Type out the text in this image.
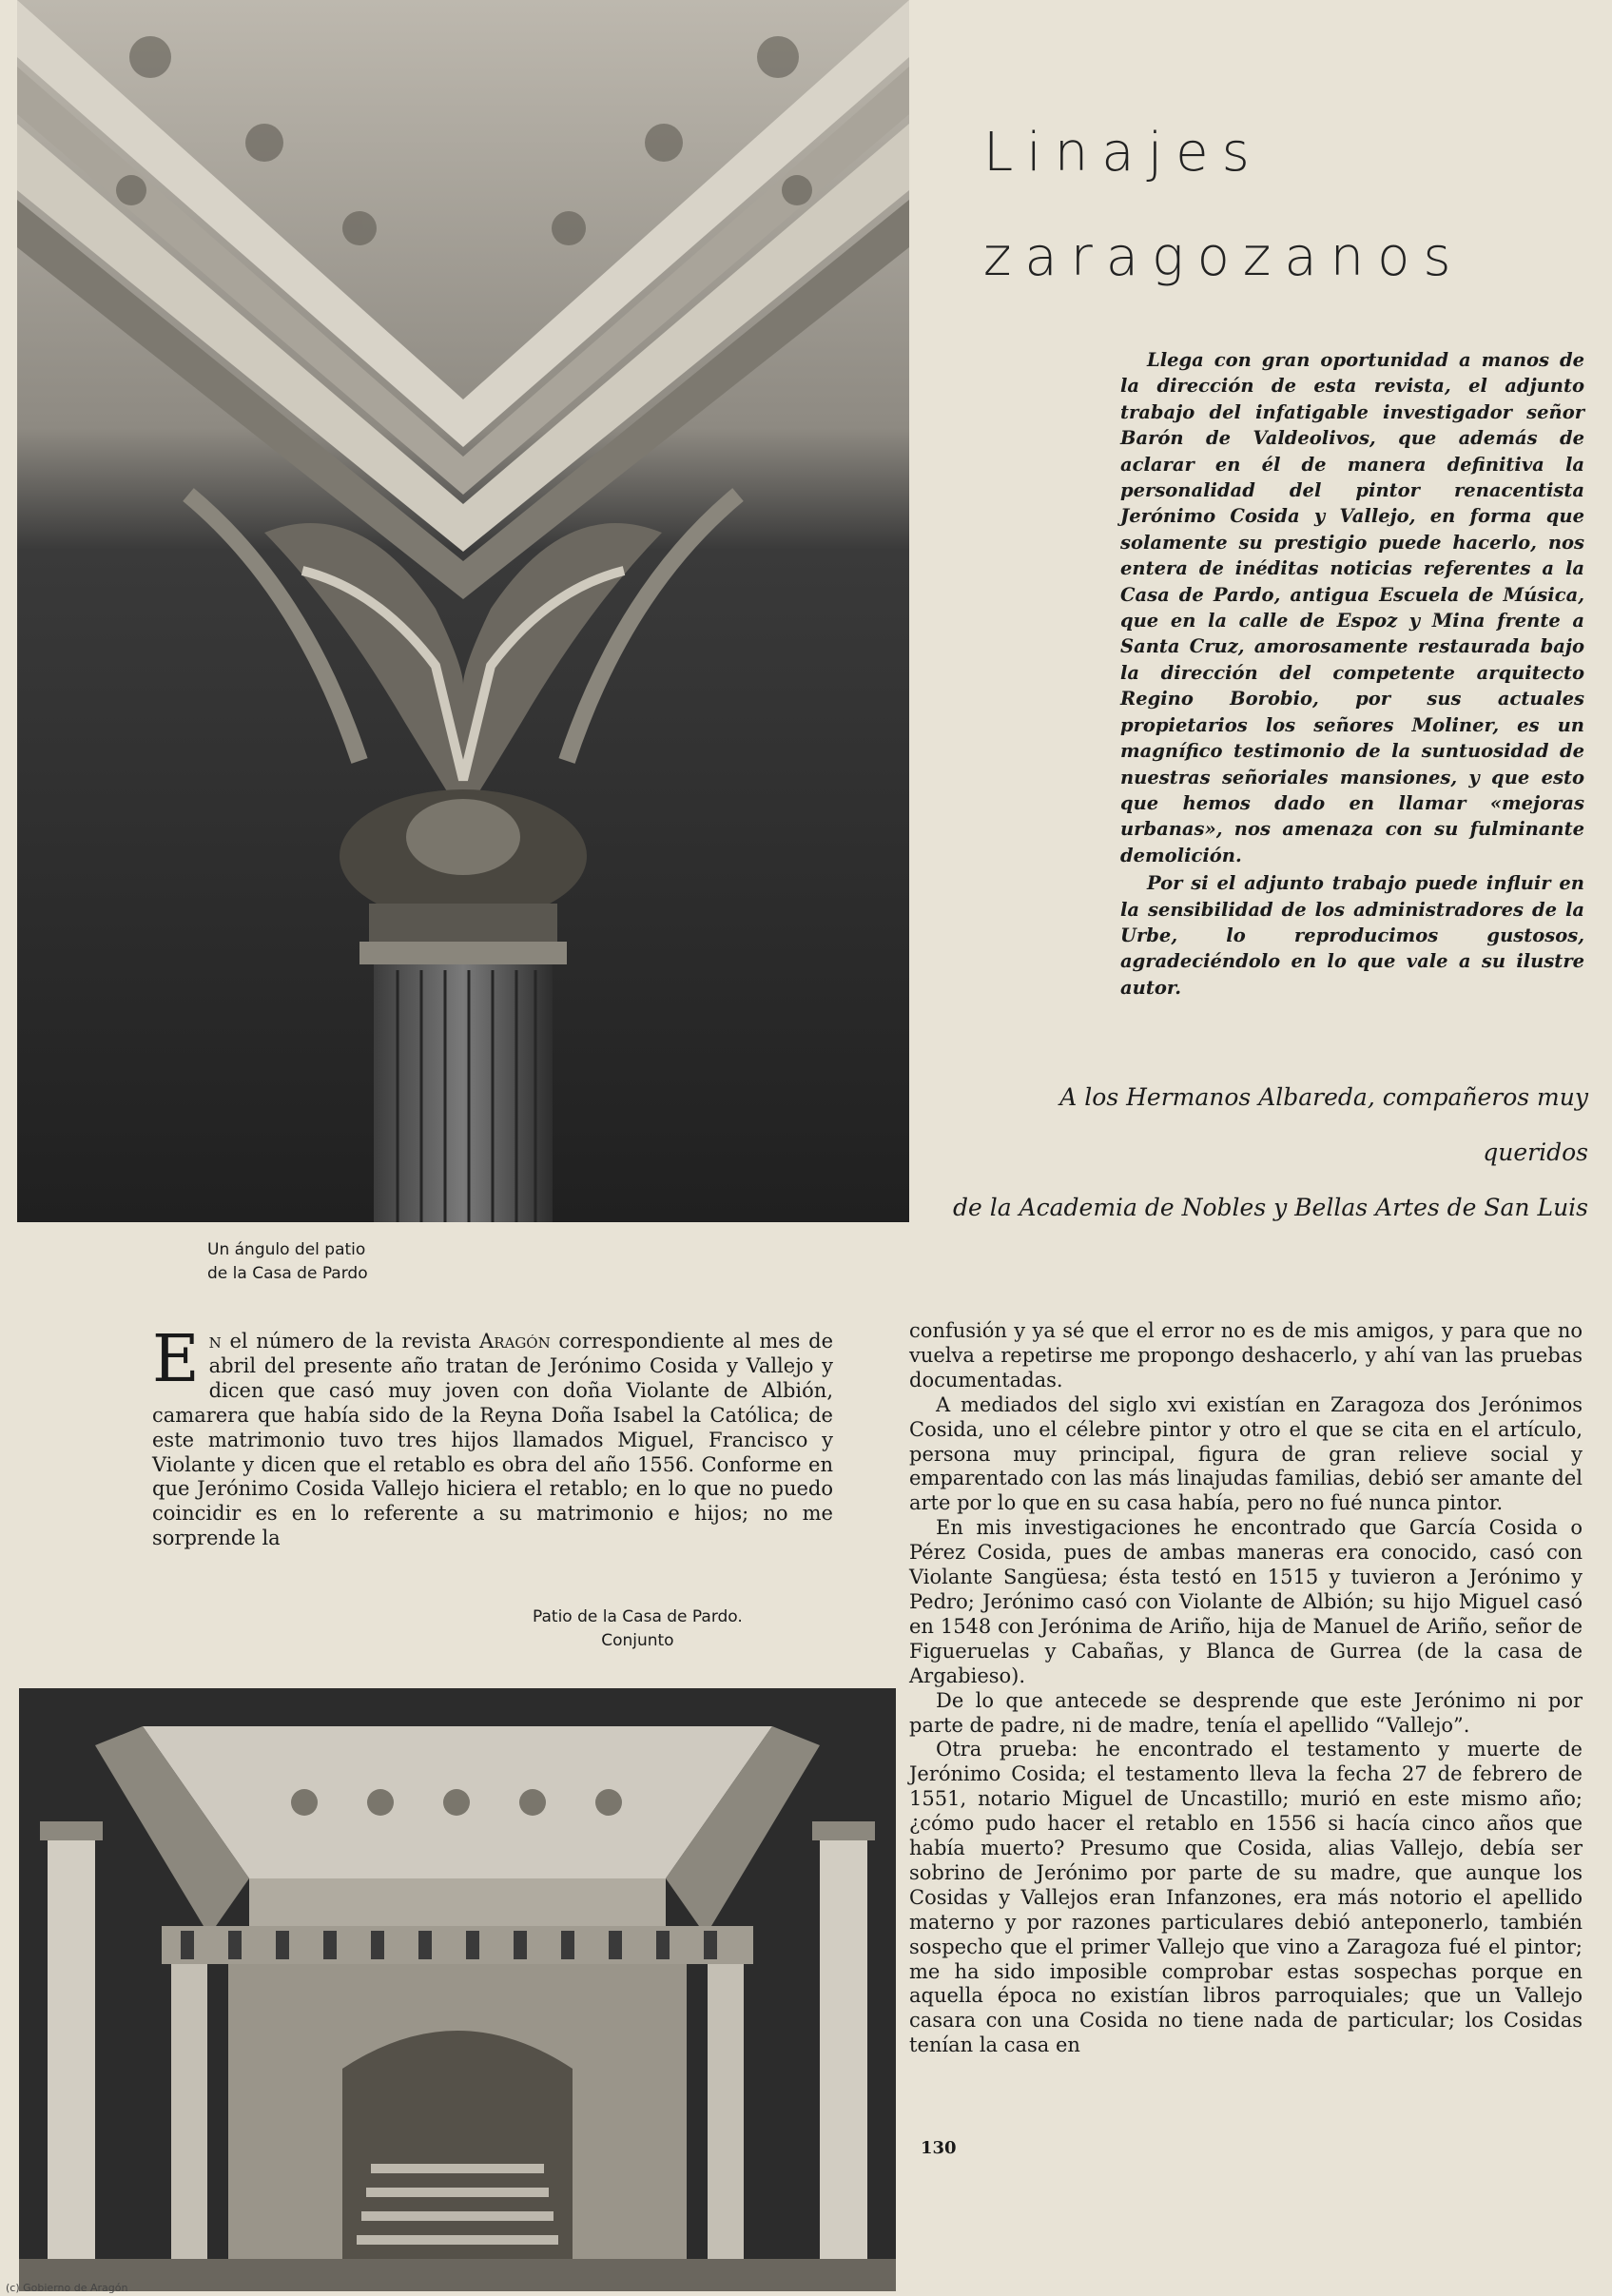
Linajes
zaragozanos

Llega con gran oportunidad a manos de la dirección de esta revista, el adjunto trabajo del infatigable investigador señor Barón de Valdeolivos, que además de aclarar en él de manera definitiva la personalidad del pintor renacentista Jerónimo Cosida y Vallejo, en forma que solamente su prestigio puede hacerlo, nos entera de inéditas noticias referentes a la Casa de Pardo, antigua Escuela de Música, que en la calle de Espoz y Mina frente a Santa Cruz, amorosamente restaurada bajo la dirección del competente arquitecto Regino Borobio, por sus actuales propietarios los señores Moliner, es un magnífico testimonio de la suntuosidad de nuestras señoriales mansiones, y que esto que hemos dado en llamar «mejoras urbanas», nos amenaza con su fulminante demolición.

Por si el adjunto trabajo puede influir en la sensibilidad de los administradores de la Urbe, lo reproducimos gustosos, agradeciéndolo en lo que vale a su ilustre autor.

A los Hermanos Albareda, compañeros muy queridos
de la Academia de Nobles y Bellas Artes de San Luis
Un ángulo del patio
de la Casa de Pardo

En el número de la revista Aragón correspondiente al mes de abril del presente año tratan de Jerónimo Cosida y Vallejo y dicen que casó muy joven con doña Violante de Albión, camarera que había sido de la Reyna Doña Isabel la Católica; de este matrimonio tuvo tres hijos llamados Miguel, Francisco y Violante y dicen que el retablo es obra del año 1556. Conforme en que Jerónimo Cosida Vallejo hiciera el retablo; en lo que no puedo coincidir es en lo referente a su matrimonio e hijos; no me sorprende la

Patio de la Casa de Pardo.
Conjunto

confusión y ya sé que el error no es de mis amigos, y para que no vuelva a repetirse me propongo deshacerlo, y ahí van las pruebas documentadas.

A mediados del siglo xvi existían en Zaragoza dos Jerónimos Cosida, uno el célebre pintor y otro el que se cita en el artículo, persona muy principal, figura de gran relieve social y emparentado con las más linajudas familias, debió ser amante del arte por lo que en su casa había, pero no fué nunca pintor.

En mis investigaciones he encontrado que García Cosida o Pérez Cosida, pues de ambas maneras era conocido, casó con Violante Sangüesa; ésta testó en 1515 y tuvieron a Jerónimo y Pedro; Jerónimo casó con Violante de Albión; su hijo Miguel casó en 1548 con Jerónima de Ariño, hija de Manuel de Ariño, señor de Figueruelas y Cabañas, y Blanca de Gurrea (de la casa de Argabieso).

De lo que antecede se desprende que este Jerónimo ni por parte de padre, ni de madre, tenía el apellido “Vallejo”.

Otra prueba: he encontrado el testamento y muerte de Jerónimo Cosida; el testamento lleva la fecha 27 de febrero de 1551, notario Miguel de Uncastillo; murió en este mismo año; ¿cómo pudo hacer el retablo en 1556 si hacía cinco años que había muerto? Presumo que Cosida, alias Vallejo, debía ser sobrino de Jerónimo por parte de su madre, que aunque los Cosidas y Vallejos eran Infanzones, era más notorio el apellido materno y por razones particulares debió anteponerlo, también sospecho que el primer Vallejo que vino a Zaragoza fué el pintor; me ha sido imposible comprobar estas sospechas porque en aquella época no existían libros parroquiales; que un Vallejo casara con una Cosida no tiene nada de particular; los Cosidas tenían la casa en

130
(c) Gobierno de Aragón
